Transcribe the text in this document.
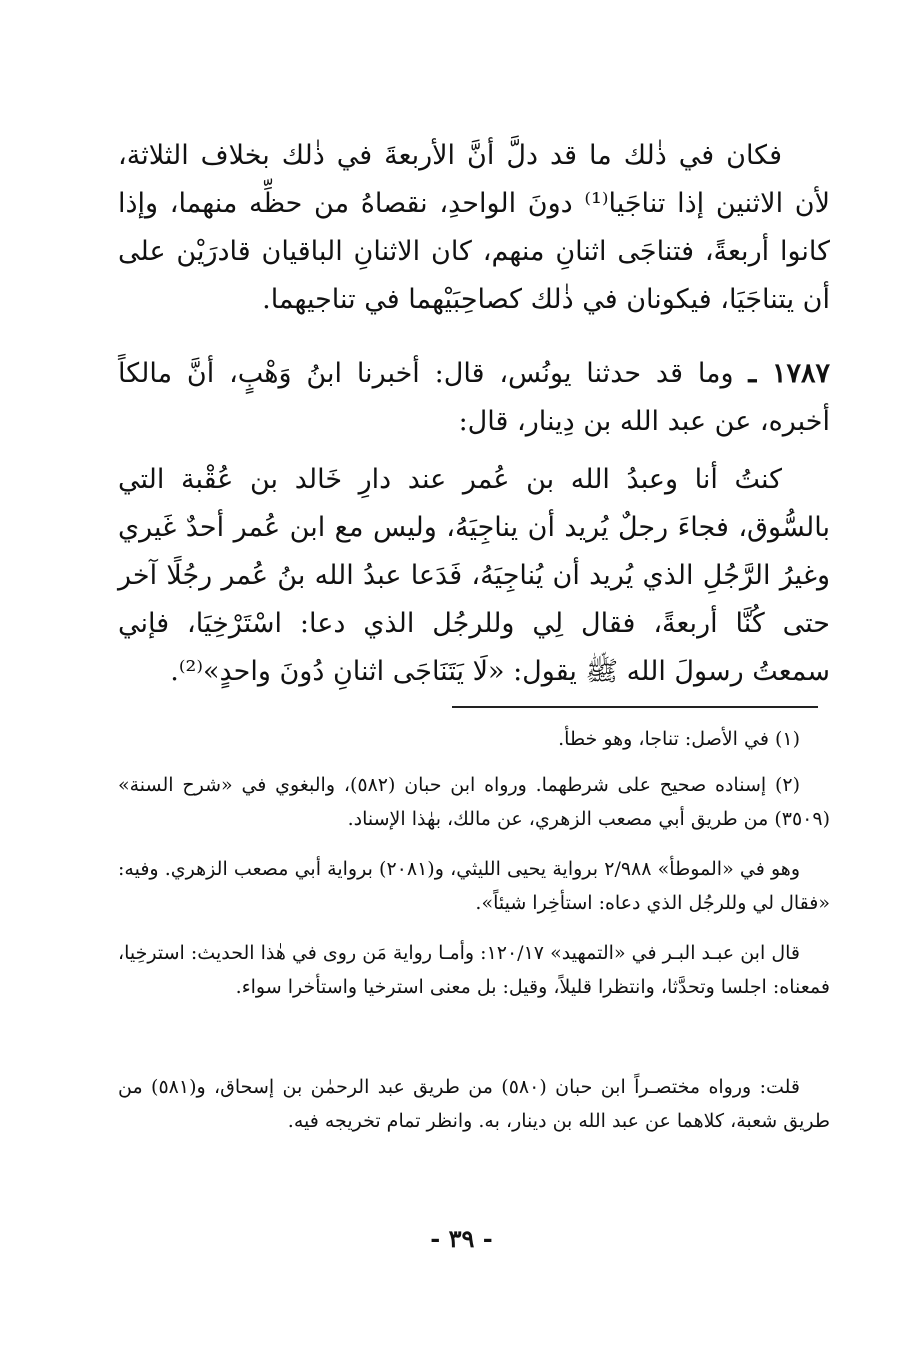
فكان في ذٰلك ما قد دلَّ أنَّ الأربعةَ في ذٰلك بخلاف الثلاثة، لأن الاثنين إذا تناجَيا⁽¹⁾ دونَ الواحدِ، نقصاهُ من حظِّه منهما، وإذا كانوا أربعةً، فتناجَى اثنانِ منهم، كان الاثنانِ الباقيان قادرَيْن على أن يتناجَيَا، فيكونان في ذٰلك كصاحِبَيْهما في تناجيهما.

١٧٨٧ ـ وما قد حدثنا يونُس، قال: أخبرنا ابنُ وَهْبٍ، أنَّ مالكاً أخبره، عن عبد الله بن دِينار، قال:

كنتُ أنا وعبدُ الله بن عُمر عند دارِ خَالد بن عُقْبة التي بالسُّوق، فجاءَ رجلٌ يُريد أن يناجِيَهُ، وليس مع ابن عُمر أحدٌ غَيري وغيرُ الرَّجُلِ الذي يُريد أن يُناجِيَهُ، فَدَعا عبدُ الله بنُ عُمر رجُلًا آخر حتى كُنَّا أربعةً، فقال لِي وللرجُل الذي دعا: اسْتَرْخِيَا، فإني سمعتُ رسولَ الله ﷺ يقول: «لَا يَتَنَاجَى اثنانِ دُونَ واحدٍ»⁽²⁾.

(١) في الأصل: تناجا، وهو خطأ.

(٢) إسناده صحيح على شرطهما. ورواه ابن حبان (٥٨٢)، والبغوي في «شرح السنة» (٣٥٠٩) من طريق أبي مصعب الزهري، عن مالك، بهٰذا الإسناد.

وهو في «الموطأ» ٢/٩٨٨ برواية يحيى الليثي، و(٢٠٨١) برواية أبي مصعب الزهري. وفيه: «فقال لي وللرجُل الذي دعاه: استأخِرا شيئاً».

قال ابن عبـد البـر في «التمهيد» ١٢٠/١٧: وأمـا رواية مَن روى في هٰذا الحديث: استرخِيا، فمعناه: اجلسا وتحدَّثا، وانتظرا قليلاً، وقيل: بل معنى استرخيا واستأخرا سواء.

قلت: ورواه مختصـراً ابن حبان (٥٨٠) من طريق عبد الرحمٰن بن إسحاق، و(٥٨١) من طريق شعبة، كلاهما عن عبد الله بن دينار، به. وانظر تمام تخريجه فيه.

- ٣٩ -
